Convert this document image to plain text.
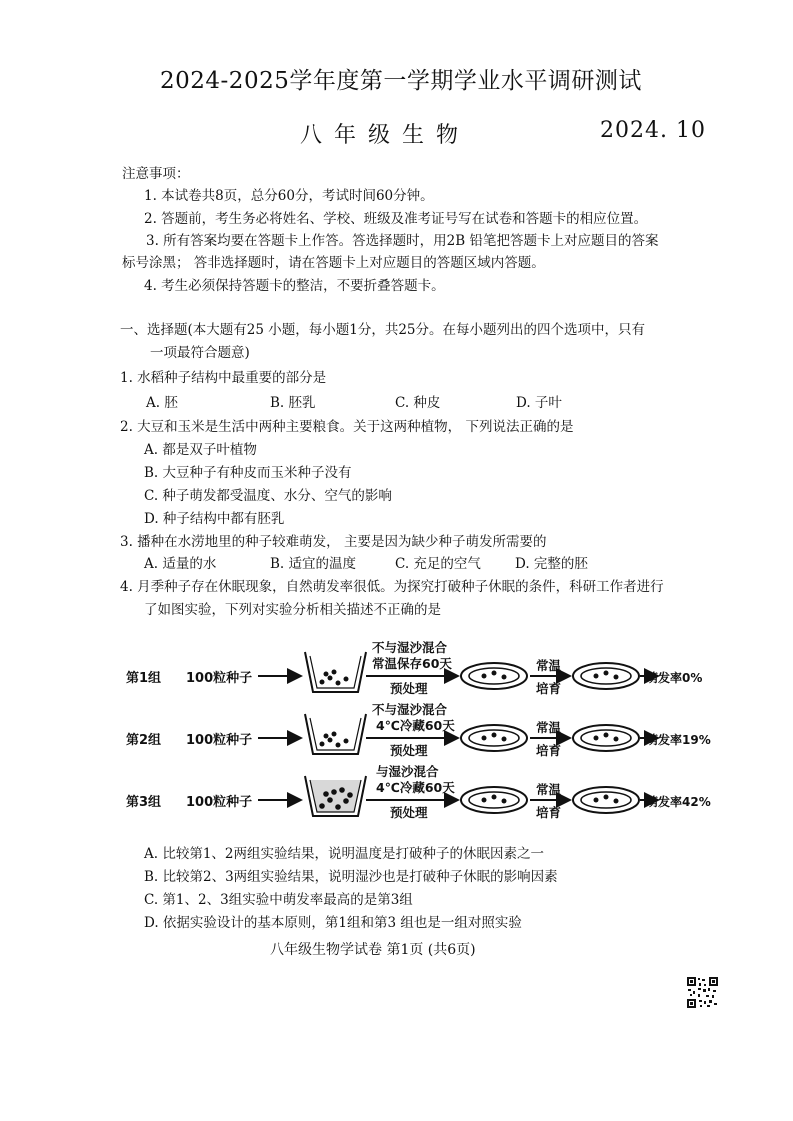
2024-2025学年度第一学期学业水平调研测试
八年级生物	2024. 10
注意事项：
1. 本试卷共8页，总分60分，考试时间60分钟。
2. 答题前，考生务必将姓名、学校、班级及准考证号写在试卷和答题卡的相应位置。
3. 所有答案均要在答题卡上作答。答选择题时，用2B 铅笔把答题卡上对应题目的答案
标号涂黑； 答非选择题时，请在答题卡上对应题目的答题区域内答题。
4. 考生必须保持答题卡的整洁，不要折叠答题卡。
一、选择题(本大题有25 小题，每小题1分，共25分。在每小题列出的四个选项中，只有
一项最符合题意)
1. 水稻种子结构中最重要的部分是
A. 胚	B. 胚乳	C. 种皮	D. 子叶
2. 大豆和玉米是生活中两种主要粮食。关于这两种植物， 下列说法正确的是
A. 都是双子叶植物
B. 大豆种子有种皮而玉米种子没有
C. 种子萌发都受温度、水分、空气的影响
D. 种子结构中都有胚乳
3. 播种在水涝地里的种子较难萌发， 主要是因为缺少种子萌发所需要的
A. 适量的水	B. 适宜的温度	C. 充足的空气	D. 完整的胚
4. 月季种子存在休眠现象，自然萌发率很低。为探究打破种子休眠的条件，科研工作者进行
了如图实验，下列对实验分析相关描述不正确的是
第1组 100粒种子
不与湿沙混合
常温保存60天
预处理
常温
培育
萌发率0%
第2组 100粒种子
不与湿沙混合
4℃冷藏60天
预处理
常温
培育
萌发率19%
第3组 100粒种子
与湿沙混合
4℃冷藏60天
预处理
常温
培育
萌发率42%
A. 比较第1、2两组实验结果，说明温度是打破种子的休眠因素之一
B. 比较第2、3两组实验结果，说明湿沙也是打破种子休眠的影响因素
C. 第1、2、3组实验中萌发率最高的是第3组
D. 依据实验设计的基本原则，第1组和第3 组也是一组对照实验
八年级生物学试卷 第1页 (共6页)
